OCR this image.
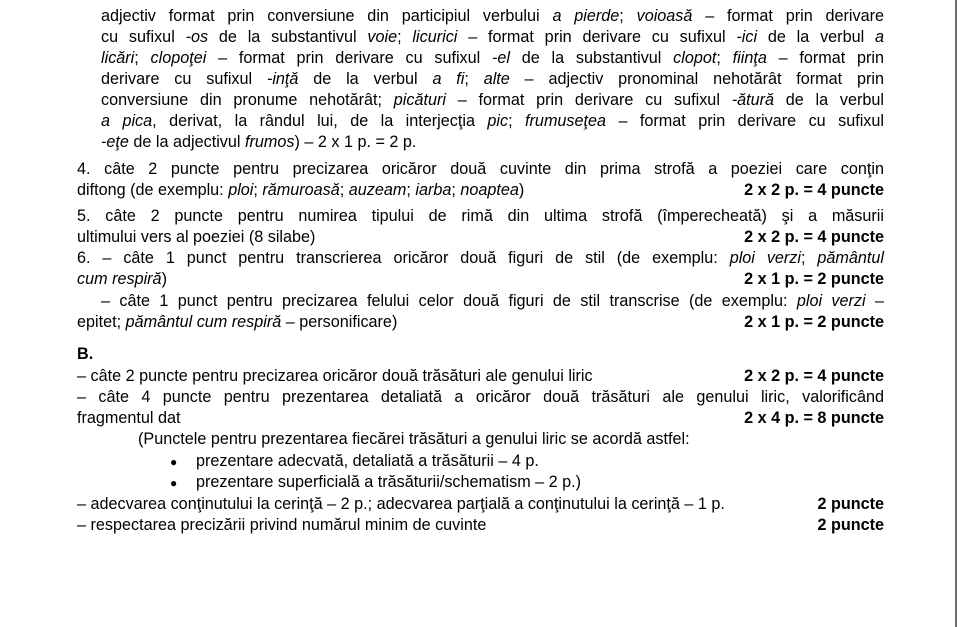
adjectiv format prin conversiune din participiul verbului a pierde; voioasă – format prin derivare
cu sufixul -os de la substantivul voie; licurici – format prin derivare cu sufixul -ici de la verbul a
licări; clopoţei – format prin derivare cu sufixul -el de la substantivul clopot; fiinţa – format prin
derivare cu sufixul -inţă de la verbul a fi; alte – adjectiv pronominal nehotărât format prin
conversiune din pronume nehotărât; picături – format prin derivare cu sufixul -ătură de la verbul
a pica, derivat, la rândul lui, de la interjecţia pic; frumuseţea – format prin derivare cu sufixul
-eţe de la adjectivul frumos) – 2 x 1 p. = 2 p.
4. câte 2 puncte pentru precizarea oricăror două cuvinte din prima strofă a poeziei care conţin
diftong (de exemplu: ploi; rămuroasă; auzeam; iarba; noaptea)	2 x 2 p. = 4 puncte
5. câte 2 puncte pentru numirea tipului de rimă din ultima strofă (împerecheată) şi a măsurii
ultimului vers al poeziei (8 silabe)	2 x 2 p. = 4 puncte
6. – câte 1 punct pentru transcrierea oricăror două figuri de stil (de exemplu: ploi verzi; pământul
cum respiră)	2 x 1 p. = 2 puncte
– câte 1 punct pentru precizarea felului celor două figuri de stil transcrise (de exemplu: ploi verzi –
epitet; pământul cum respiră – personificare)	2 x 1 p. = 2 puncte
B.
– câte 2 puncte pentru precizarea oricăror două trăsături ale genului liric	2 x 2 p. = 4 puncte
– câte 4 puncte pentru prezentarea detaliată a oricăror două trăsături ale genului liric, valorificând
fragmentul dat	2 x 4 p. = 8 puncte
(Punctele pentru prezentarea fiecărei trăsături a genului liric se acordă astfel:
● prezentare adecvată, detaliată a trăsăturii – 4 p.
● prezentare superficială a trăsăturii/schematism – 2 p.)
– adecvarea conţinutului la cerinţă – 2 p.; adecvarea parţială a conţinutului la cerinţă – 1 p.	2 puncte
– respectarea precizării privind numărul minim de cuvinte	2 puncte
